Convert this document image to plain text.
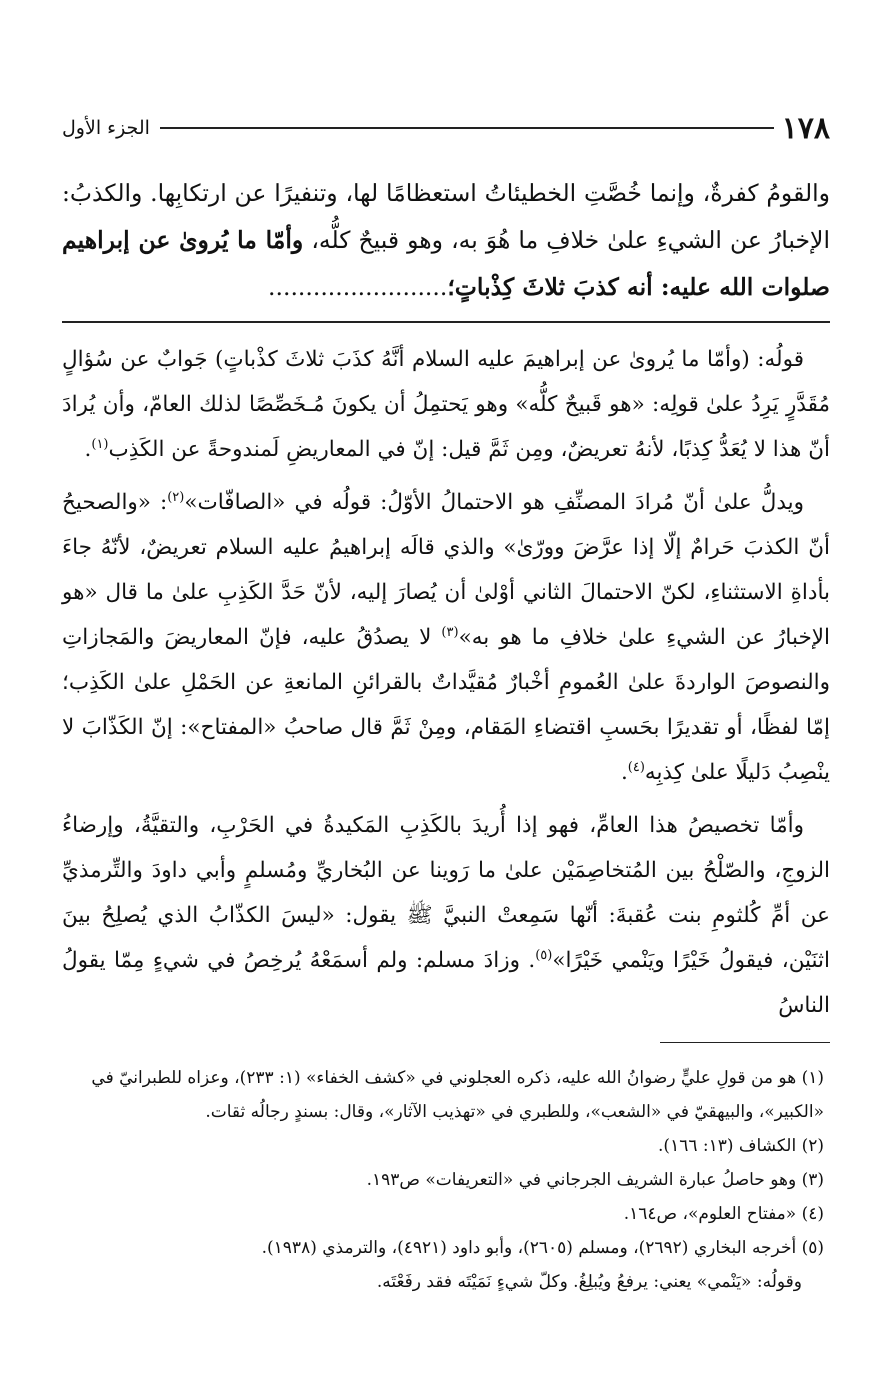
١٧٨
الجزء الأول
والقومُ كفرةٌ، وإنما خُصَّتِ الخطيئاتُ استعظامًا لها، وتنفيرًا عن ارتكابِها. والكذبُ: الإخبارُ عن الشيءِ علىٰ خلافِ ما هُوَ به، وهو قبيحٌ كلُّه، وأمّا ما يُروىٰ عن إبراهيم صلوات الله عليه: أنه كذبَ ثلاثَ كِذْباتٍ؛........................

قولُه: (وأمّا ما يُروىٰ عن إبراهيمَ عليه السلام أنَّهُ كذَبَ ثلاثَ كذْباتٍ) جَوابٌ عن سُؤالٍ مُقَدَّرٍ يَرِدُ علىٰ قولِه: «هو قَبيحٌ كلُّه» وهو يَحتمِلُ أن يكونَ مُـخَصِّصًا لذلك العامّ، وأن يُرادَ أنّ هذا لا يُعَدُّ كِذبًا، لأنهُ تعريضٌ، ومِن ثَمَّ قيل: إنّ في المعاريضِ لَمندوحةً عن الكَذِب$^{(١)}$.

ويدلُّ علىٰ أنّ مُرادَ المصنِّفِ هو الاحتمالُ الأوّلُ: قولُه في «الصافّات»$^{(٢)}$: «والصحيحُ أنّ الكذبَ حَرامٌ إلّا إذا عرَّضَ وورّىٰ» والذي قالَه إبراهيمُ عليه السلام تعريضٌ، لأنّهُ جاءَ بأداةِ الاستثناءِ، لكنّ الاحتمالَ الثاني أوْلىٰ أن يُصارَ إليه، لأنّ حَدَّ الكَذِبِ علىٰ ما قال «هو الإخبارُ عن الشيءِ علىٰ خلافِ ما هو به»$^{(٣)}$ لا يصدُقُ عليه، فإنّ المعاريضَ والمَجازاتِ والنصوصَ الواردةَ علىٰ العُمومِ أخْبارٌ مُقيَّداتٌ بالقرائنِ المانعةِ عن الحَمْلِ علىٰ الكَذِب؛ إمّا لفظًا، أو تقديرًا بحَسبِ اقتضاءِ المَقام، ومِنْ ثَمَّ قال صاحبُ «المفتاح»: إنّ الكَذّابَ لا ينْصِبُ دَليلًا علىٰ كِذبِه$^{(٤)}$.

وأمّا تخصيصُ هذا العامِّ، فهو إذا أُريدَ بالكَذِبِ المَكيدةُ في الحَرْبِ، والتقيَّةُ، وإرضاءُ الزوجِ، والصّلْحُ بين المُتخاصِمَيْن علىٰ ما رَوينا عن البُخاريِّ ومُسلمٍ وأبي داودَ والتِّرمذيِّ عن أمِّ كُلثومِ بنت عُقبةَ: أنّها سَمِعتْ النبيَّ ﷺ يقول: «ليسَ الكذّابُ الذي يُصلِحُ بينَ اثنَيْن، فيقولُ خَيْرًا ويَنْمي خَيْرًا»$^{(٥)}$. وزادَ مسلم: ولم أسمَعْهُ يُرخِصُ في شيءٍ مِمّا يقولُ الناسُ

(١) هو من قولِ عليٍّ رضوانُ الله عليه، ذكره العجلوني في «كشف الخفاء» (١: ٢٣٣)، وعزاه للطبرانيّ في «الكبير»، والبيهقيّ في «الشعب»، وللطبري في «تهذيب الآثار»، وقال: بسندٍ رجالُه ثقات.

(٢) الكشاف (١٣: ١٦٦).

(٣) وهو حاصلُ عبارة الشريف الجرجاني في «التعريفات» ص١٩٣.

(٤) «مفتاح العلوم»، ص١٦٤.

(٥) أخرجه البخاري (٢٦٩٢)، ومسلم (٢٦٠٥)، وأبو داود (٤٩٢١)، والترمذي (١٩٣٨).

وقولُه: «يَنْمي» يعني: يرفعُ ويُبلِغُ. وكلّ شيءٍ نَمَيْتَه فقد رفَعْتَه.
